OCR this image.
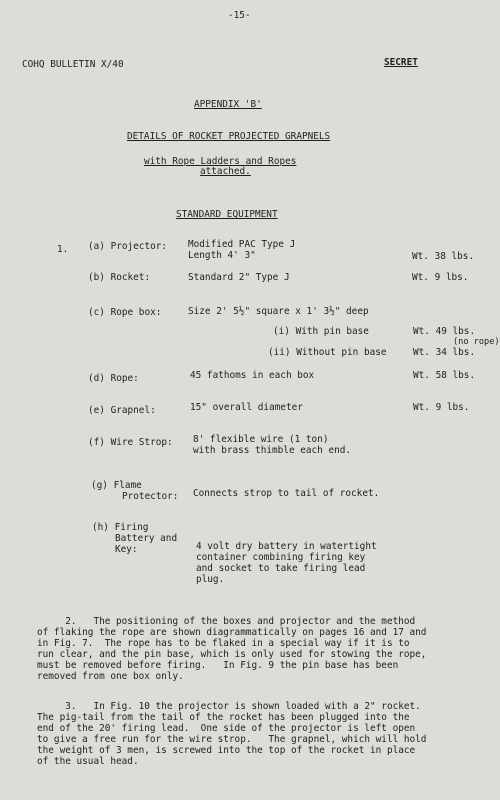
-15-
COHQ BULLETIN X/40	SECRET
APPENDIX 'B'
DETAILS OF ROCKET PROJECTED GRAPNELS
with Rope Ladders and Ropes
attached.
STANDARD EQUIPMENT
1. (a) Projector: Modified PAC Type J
Length 4' 3"	Wt. 38 lbs.
(b) Rocket:	Standard 2" Type J	Wt. 9 lbs.
(c) Rope box:	Size 2' 5½" square x 1' 3½" deep
(i) With pin base	Wt. 49 lbs.
(no rope)
(ii) Without pin base	Wt. 34 lbs.
(d) Rope:	45 fathoms in each box	Wt. 58 lbs.
(e) Grapnel:	15" overall diameter	Wt. 9 lbs.
(f) Wire Strop: 8' flexible wire (1 ton)
with brass thimble each end.
(g) Flame
Protector: Connects strop to tail of rocket.
(h) Firing
Battery and
Key:	4 volt dry battery in watertight
container combining firing key
and socket to take firing lead
plug.
2.   The positioning of the boxes and projector and the method
of flaking the rope are shown diagrammatically on pages 16 and 17 and
in Fig. 7.  The rope has to be flaked in a special way if it is to
run clear, and the pin base, which is only used for stowing the rope,
must be removed before firing.   In Fig. 9 the pin base has been
removed from one box only.
3.   In Fig. 10 the projector is shown loaded with a 2" rocket.
The pig-tail from the tail of the rocket has been plugged into the
end of the 20' firing lead.  One side of the projector is left open
to give a free run for the wire strop.   The grapnel, which will hold
the weight of 3 men, is screwed into the top of the rocket in place
of the usual head.
